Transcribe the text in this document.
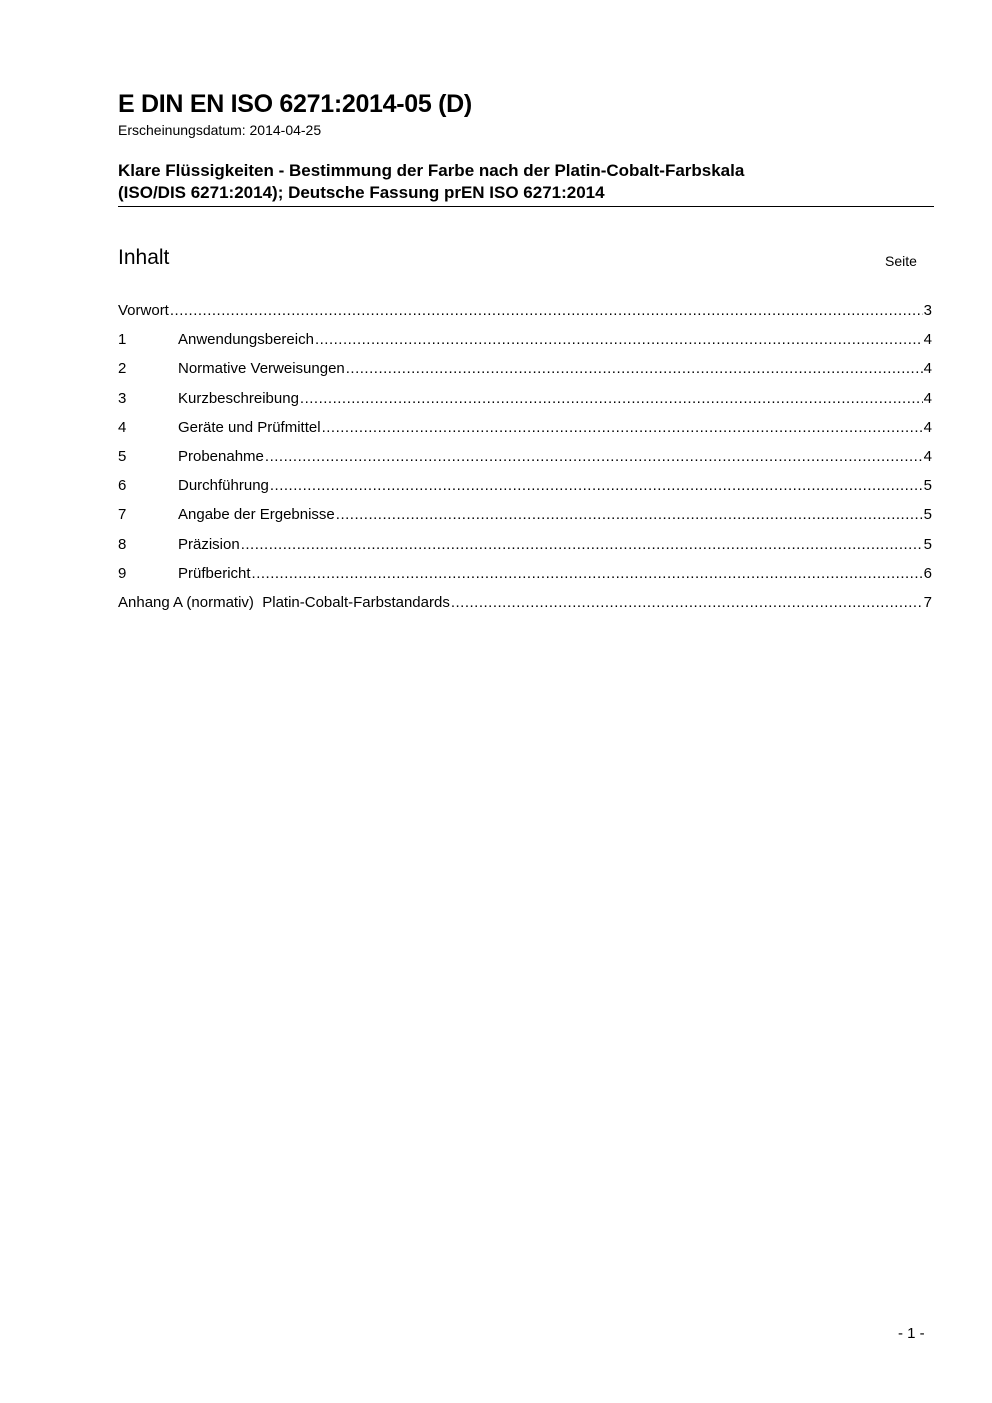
E DIN EN ISO 6271:2014-05 (D)
Erscheinungsdatum: 2014-04-25
Klare Flüssigkeiten - Bestimmung der Farbe nach der Platin-Cobalt-Farbskala
(ISO/DIS 6271:2014); Deutsche Fassung prEN ISO 6271:2014
Inhalt	Seite
Vorwort .....	3
1	Anwendungsbereich .....	4
2	Normative Verweisungen .....	4
3	Kurzbeschreibung .....	4
4	Geräte und Prüfmittel .....	4
5	Probenahme .....	4
6	Durchführung .....	5
7	Angabe der Ergebnisse .....	5
8	Präzision .....	5
9	Prüfbericht .....	6
Anhang A (normativ)  Platin-Cobalt-Farbstandards .....	7
- 1 -
